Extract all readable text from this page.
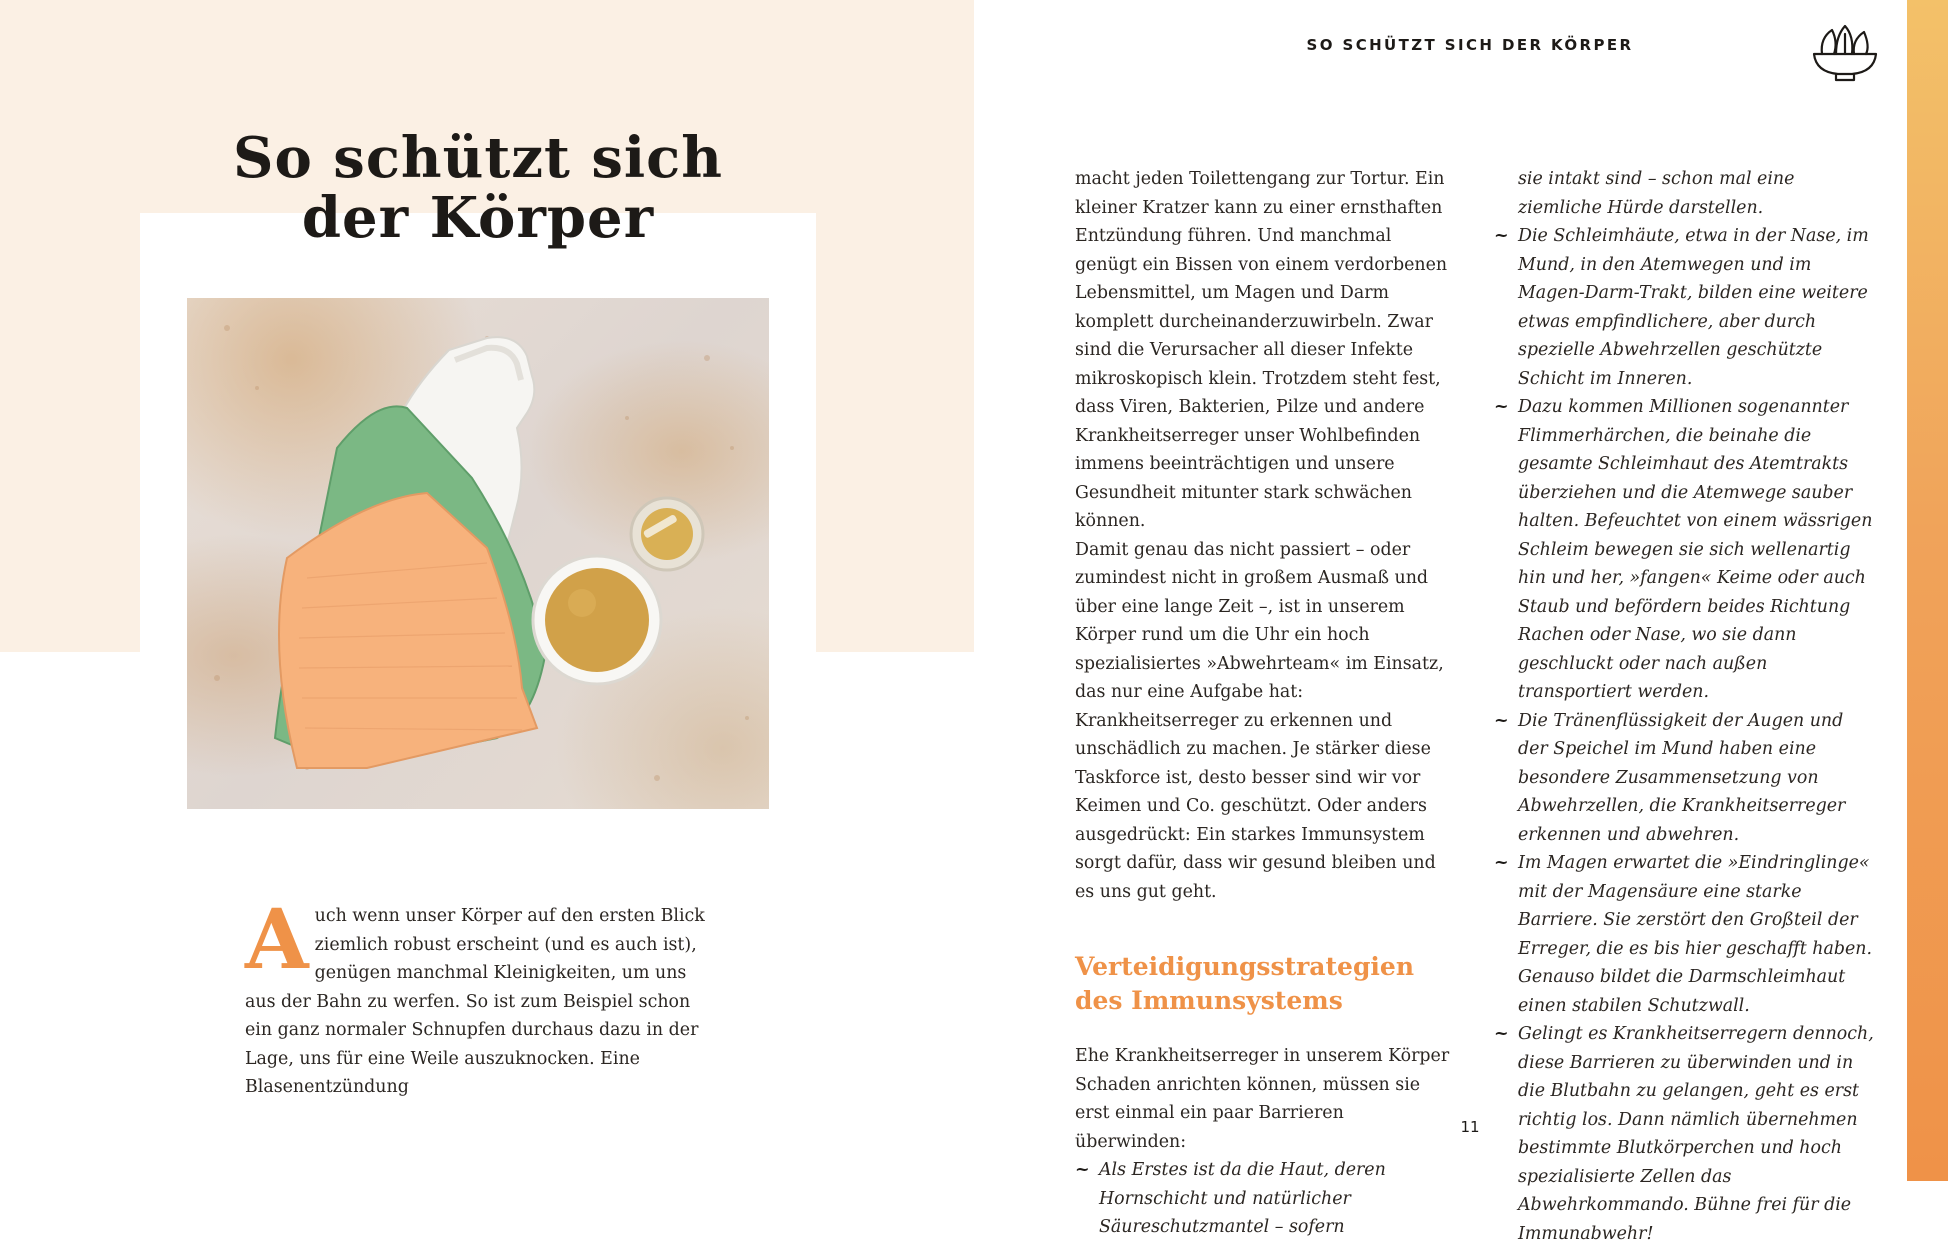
So schützt sich
der Körper
SO SCHÜTZT SICH DER KÖRPER
A uch wenn unser Körper auf den ersten Blick ziemlich robust erscheint (und es auch ist), genügen manchmal Kleinigkeiten, um uns aus der Bahn zu werfen. So ist zum Beispiel schon ein ganz normaler Schnupfen durchaus dazu in der Lage, uns für eine Weile auszuknocken. Eine Blasenentzündung

macht jeden Toilettengang zur Tortur. Ein kleiner Kratzer kann zu einer ernsthaften Entzündung führen. Und manchmal genügt ein Bissen von einem verdorbenen Lebensmittel, um Magen und Darm komplett durcheinanderzuwirbeln. Zwar sind die Verursacher all dieser Infekte mikroskopisch klein. Trotzdem steht fest, dass Viren, Bakterien, Pilze und andere Krankheitserreger unser Wohlbefinden immens beeinträchtigen und unsere Gesundheit mitunter stark schwächen können.

Damit genau das nicht passiert – oder zumindest nicht in großem Ausmaß und über eine lange Zeit –, ist in unserem Körper rund um die Uhr ein hoch spezialisiertes »Abwehrteam« im Einsatz, das nur eine Aufgabe hat: Krankheitserreger zu erkennen und unschädlich zu machen. Je stärker diese Taskforce ist, desto besser sind wir vor Keimen und Co. geschützt. Oder anders ausgedrückt: Ein starkes Immunsystem sorgt dafür, dass wir gesund bleiben und es uns gut geht.

Verteidigungsstrategien
des Immunsystems

Ehe Krankheitserreger in unserem Körper Schaden anrichten können, müssen sie erst einmal ein paar Barrieren überwinden:

~ Als Erstes ist da die Haut, deren Hornschicht und natürlicher Säureschutzmantel – sofern

sie intakt sind – schon mal eine ziemliche Hürde darstellen.

~ Die Schleimhäute, etwa in der Nase, im Mund, in den Atemwegen und im Magen-Darm-Trakt, bilden eine weitere etwas empfindlichere, aber durch spezielle Abwehrzellen geschützte Schicht im Inneren.
~ Dazu kommen Millionen sogenannter Flimmerhärchen, die beinahe die gesamte Schleimhaut des Atemtrakts überziehen und die Atemwege sauber halten. Befeuchtet von einem wässrigen Schleim bewegen sie sich wellenartig hin und her, »fangen« Keime oder auch Staub und befördern beides Richtung Rachen oder Nase, wo sie dann geschluckt oder nach außen transportiert werden.
~ Die Tränenflüssigkeit der Augen und der Speichel im Mund haben eine besondere Zusammensetzung von Abwehrzellen, die Krankheitserreger erkennen und abwehren.
~ Im Magen erwartet die »Eindringlinge« mit der Magensäure eine starke Barriere. Sie zerstört den Großteil der Erreger, die es bis hier geschafft haben. Genauso bildet die Darmschleimhaut einen stabilen Schutzwall.
~ Gelingt es Krankheitserregern dennoch, diese Barrieren zu überwinden und in die Blutbahn zu gelangen, geht es erst richtig los. Dann nämlich übernehmen bestimmte Blutkörperchen und hoch spezialisierte Zellen das Abwehrkommando. Bühne frei für die Immunabwehr!
11
